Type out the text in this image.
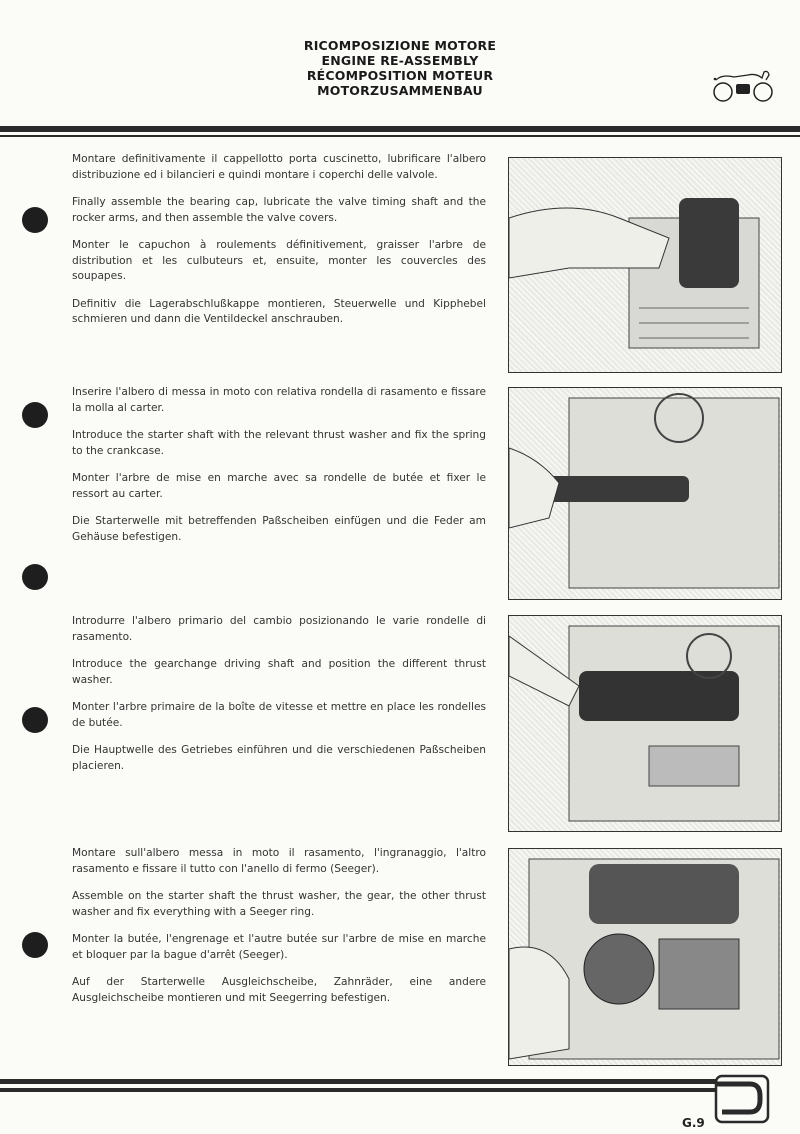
RICOMPOSIZIONE MOTORE
ENGINE RE-ASSEMBLY
RÉCOMPOSITION MOTEUR
MOTORZUSAMMENBAU

Montare definitivamente il cappellotto porta cuscinetto, lubrificare l'albero distribuzione ed i bilancieri e quindi montare i coperchi delle valvole.

Finally assemble the bearing cap, lubricate the valve timing shaft and the rocker arms, and then assemble the valve covers.

Monter le capuchon à roulements définitivement, graisser l'arbre de distribution et les culbuteurs et, ensuite, monter les couvercles des soupapes.

Definitiv die Lagerabschlußkappe montieren, Steuerwelle und Kipphebel schmieren und dann die Ventildeckel anschrauben.

Inserire l'albero di messa in moto con relativa rondella di rasamento e fissare la molla al carter.

Introduce the starter shaft with the relevant thrust washer and fix the spring to the crankcase.

Monter l'arbre de mise en marche avec sa rondelle de butée et fixer le ressort au carter.

Die Starterwelle mit betreffenden Paßscheiben einfügen und die Feder am Gehäuse befestigen.

Introdurre l'albero primario del cambio posizionando le varie rondelle di rasamento.

Introduce the gearchange driving shaft and position the different thrust washer.

Monter l'arbre primaire de la boîte de vitesse et mettre en place les rondelles de butée.

Die Hauptwelle des Getriebes einführen und die verschiedenen Paßscheiben placieren.

Montare sull'albero messa in moto il rasamento, l'ingranaggio, l'altro rasamento e fissare il tutto con l'anello di fermo (Seeger).

Assemble on the starter shaft the thrust washer, the gear, the other thrust washer and fix everything with a Seeger ring.

Monter la butée, l'engrenage et l'autre butée sur l'arbre de mise en marche et bloquer par la bague d'arrêt (Seeger).

Auf der Starterwelle Ausgleichscheibe, Zahnräder, eine andere Ausgleichscheibe montieren und mit Seegerring befestigen.

G.9
